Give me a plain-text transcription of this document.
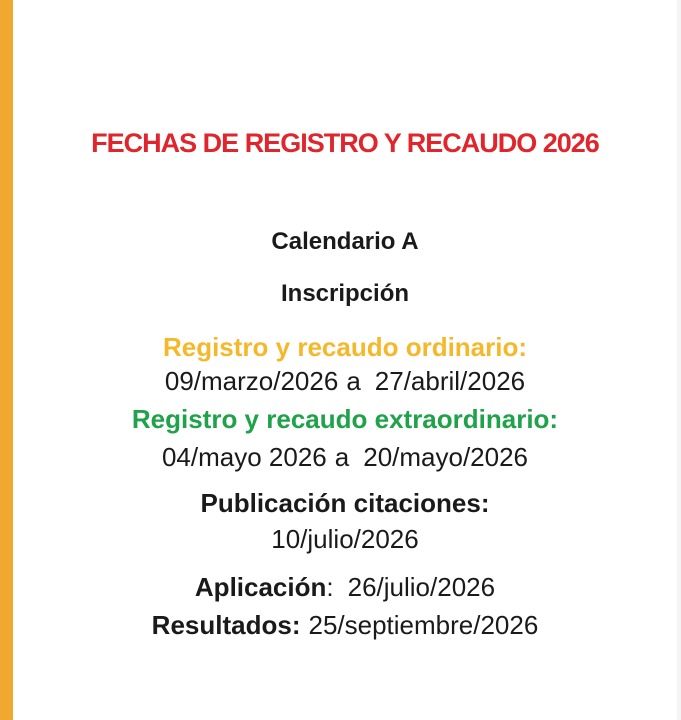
FECHAS DE REGISTRO Y RECAUDO 2026
Calendario A
Inscripción
Registro y recaudo ordinario:
09/marzo/2026 a 27/abril/2026
Registro y recaudo extraordinario:
04/mayo 2026 a 20/mayo/2026
Publicación citaciones:
10/julio/2026
Aplicación: 26/julio/2026
Resultados: 25/septiembre/2026
